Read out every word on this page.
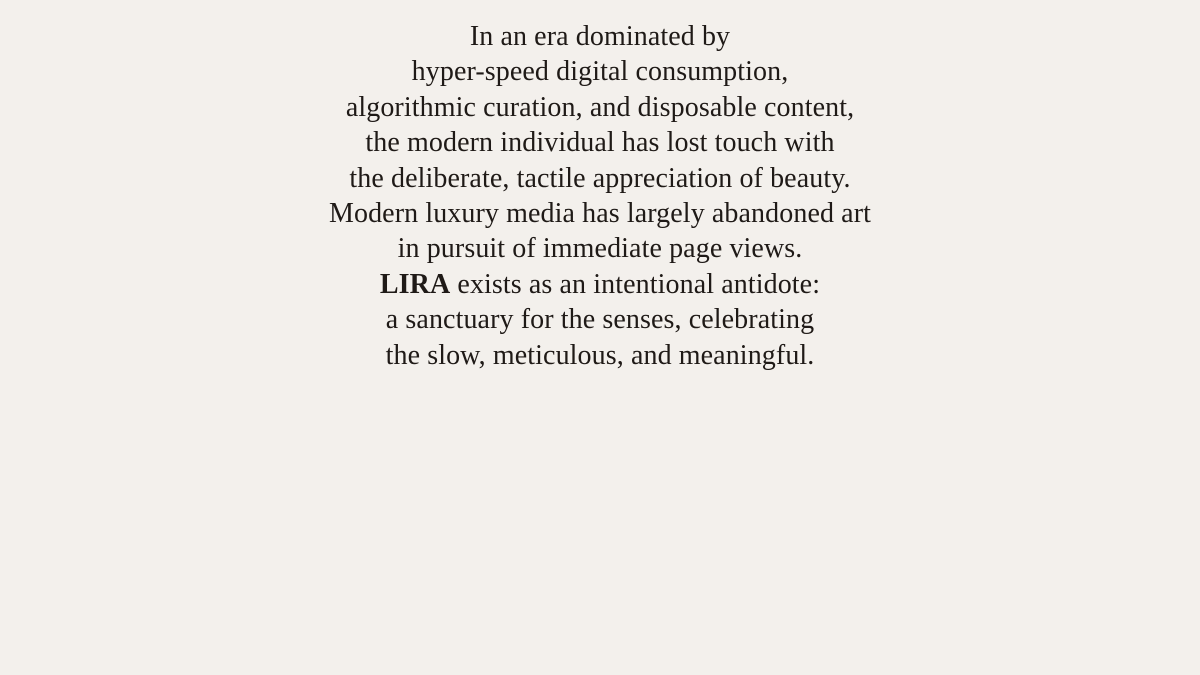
In an era dominated by
hyper-speed digital consumption,
algorithmic curation, and disposable content,
the modern individual has lost touch with
the deliberate, tactile appreciation of beauty.
Modern luxury media has largely abandoned art
in pursuit of immediate page views.
LIRA exists as an intentional antidote:
a sanctuary for the senses, celebrating
the slow, meticulous, and meaningful.
